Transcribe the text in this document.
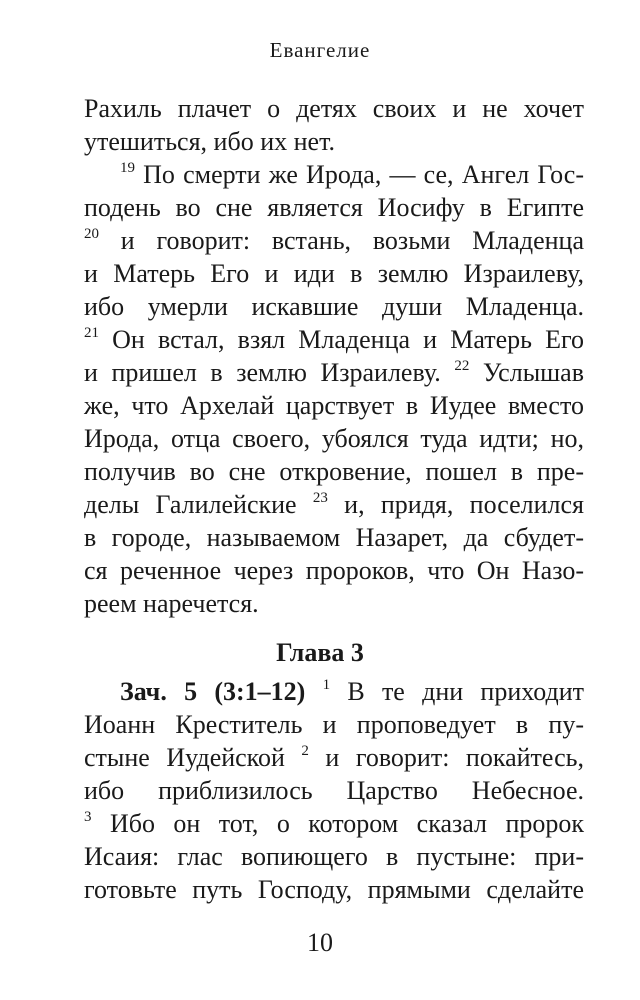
Евангелие
Рахиль плачет о детях своих и не хочет
утешиться, ибо их нет.
$^{19}$ По смерти же Ирода, — се, Ангел Гос-
подень во сне является Иосифу в Египте
$^{20}$ и говорит: встань, возьми Младенца
и Матерь Его и иди в землю Израилеву,
ибо умерли искавшие души Младенца.
$^{21}$ Он встал, взял Младенца и Матерь Его
и пришел в землю Израилеву. $^{22}$ Услышав
же, что Архелай царствует в Иудее вместо
Ирода, отца своего, убоялся туда идти; но,
получив во сне откровение, пошел в пре-
делы Галилейские $^{23}$ и, придя, поселился
в городе, называемом Назарет, да сбудет-
ся реченное через пророков, что Он Назо-
реем наречется.
Глава 3
Зач. 5 (3:1–12) $^1$ В те дни приходит
Иоанн Креститель и проповедует в пу-
стыне Иудейской $^2$ и говорит: покайтесь,
ибо приблизилось Царство Небесное.
$^3$ Ибо он тот, о котором сказал пророк
Исаия: глас вопиющего в пустыне: при-
готовьте путь Господу, прямыми сделайте
10
